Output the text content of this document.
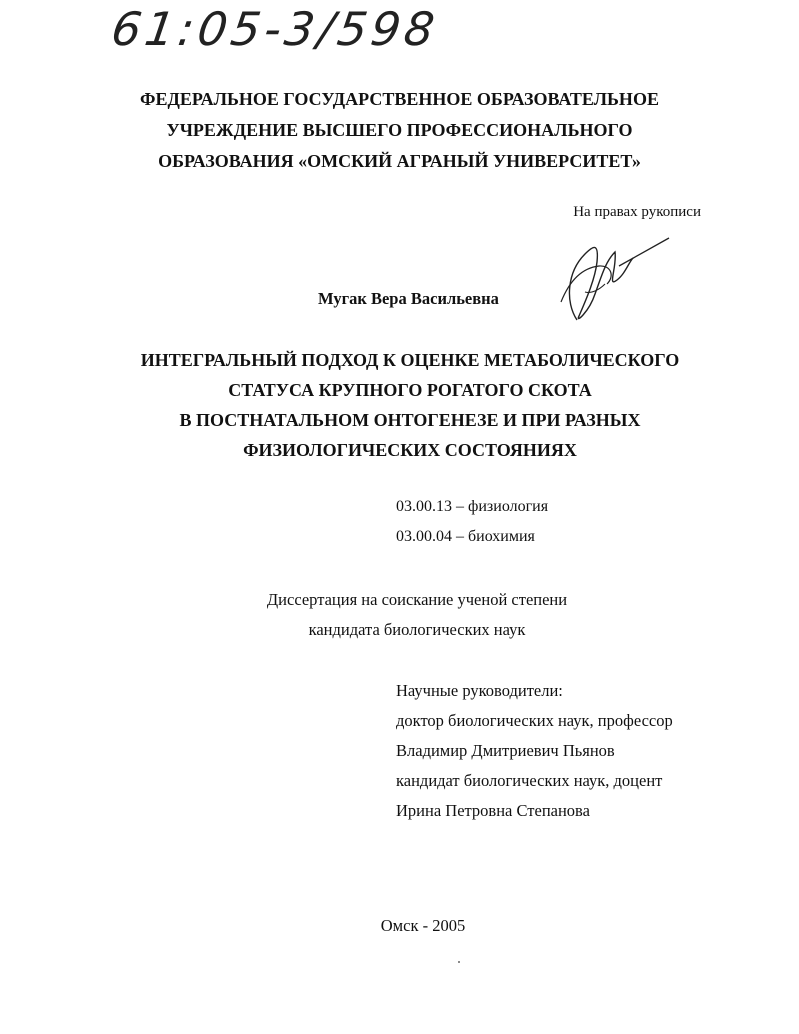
61:05-3/598
ФЕДЕРАЛЬНОЕ ГОСУДАРСТВЕННОЕ ОБРАЗОВАТЕЛЬНОЕ
УЧРЕЖДЕНИЕ ВЫСШЕГО ПРОФЕССИОНАЛЬНОГО
ОБРАЗОВАНИЯ «ОМСКИЙ АГРАНЫЙ УНИВЕРСИТЕТ»
На правах рукописи
Мугак Вера Васильевна
ИНТЕГРАЛЬНЫЙ ПОДХОД К ОЦЕНКЕ МЕТАБОЛИЧЕСКОГО
СТАТУСА КРУПНОГО РОГАТОГО СКОТА
В ПОСТНАТАЛЬНОМ ОНТОГЕНЕЗЕ И ПРИ РАЗНЫХ
ФИЗИОЛОГИЧЕСКИХ СОСТОЯНИЯХ
03.00.13 – физиология
03.00.04 – биохимия
Диссертация на соискание ученой степени
кандидата биологических наук
Научные руководители:
доктор биологических наук, профессор
Владимир Дмитриевич Пьянов
кандидат биологических наук, доцент
Ирина Петровна Степанова
Омск - 2005
